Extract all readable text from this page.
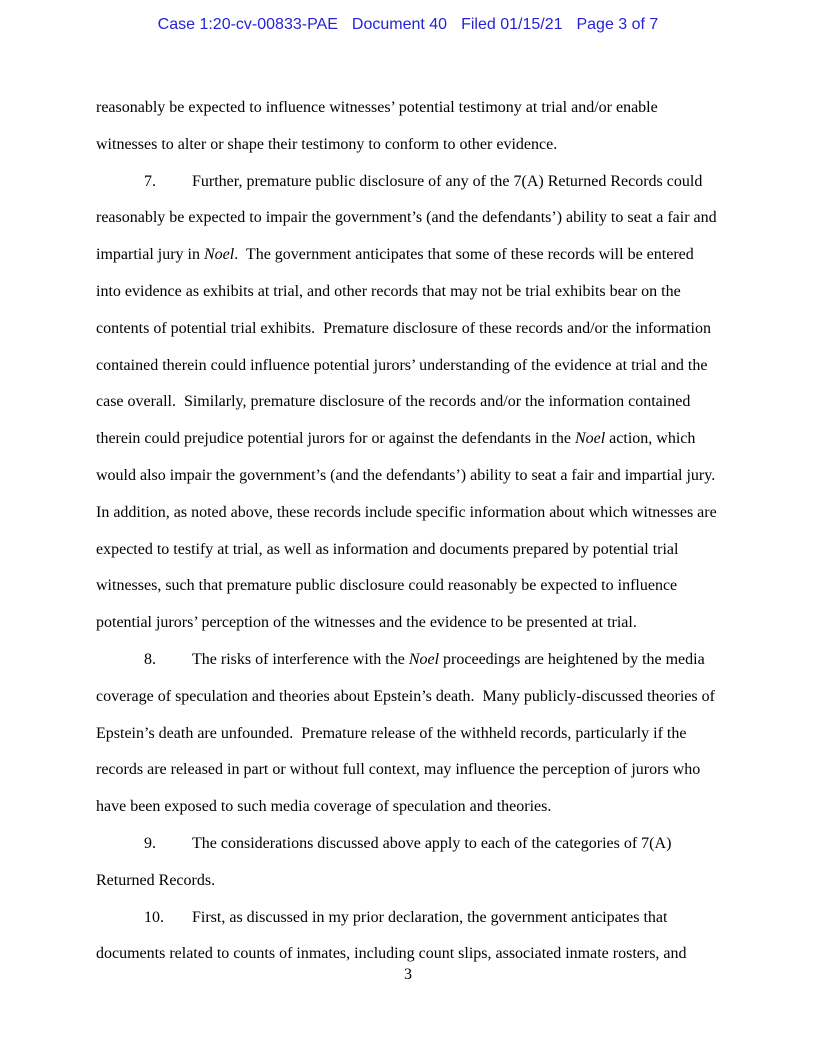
Case 1:20-cv-00833-PAE Document 40 Filed 01/15/21 Page 3 of 7

reasonably be expected to influence witnesses’ potential testimony at trial and/or enable witnesses to alter or shape their testimony to conform to other evidence.

7. Further, premature public disclosure of any of the 7(A) Returned Records could reasonably be expected to impair the government’s (and the defendants’) ability to seat a fair and impartial jury in Noel.  The government anticipates that some of these records will be entered into evidence as exhibits at trial, and other records that may not be trial exhibits bear on the contents of potential trial exhibits.  Premature disclosure of these records and/or the information contained therein could influence potential jurors’ understanding of the evidence at trial and the case overall.  Similarly, premature disclosure of the records and/or the information contained therein could prejudice potential jurors for or against the defendants in the Noel action, which would also impair the government’s (and the defendants’) ability to seat a fair and impartial jury.  In addition, as noted above, these records include specific information about which witnesses are expected to testify at trial, as well as information and documents prepared by potential trial witnesses, such that premature public disclosure could reasonably be expected to influence potential jurors’ perception of the witnesses and the evidence to be presented at trial.

8. The risks of interference with the Noel proceedings are heightened by the media coverage of speculation and theories about Epstein’s death.  Many publicly-discussed theories of Epstein’s death are unfounded.  Premature release of the withheld records, particularly if the records are released in part or without full context, may influence the perception of jurors who have been exposed to such media coverage of speculation and theories.

9. The considerations discussed above apply to each of the categories of 7(A) Returned Records.

10. First, as discussed in my prior declaration, the government anticipates that documents related to counts of inmates, including count slips, associated inmate rosters, and

3
